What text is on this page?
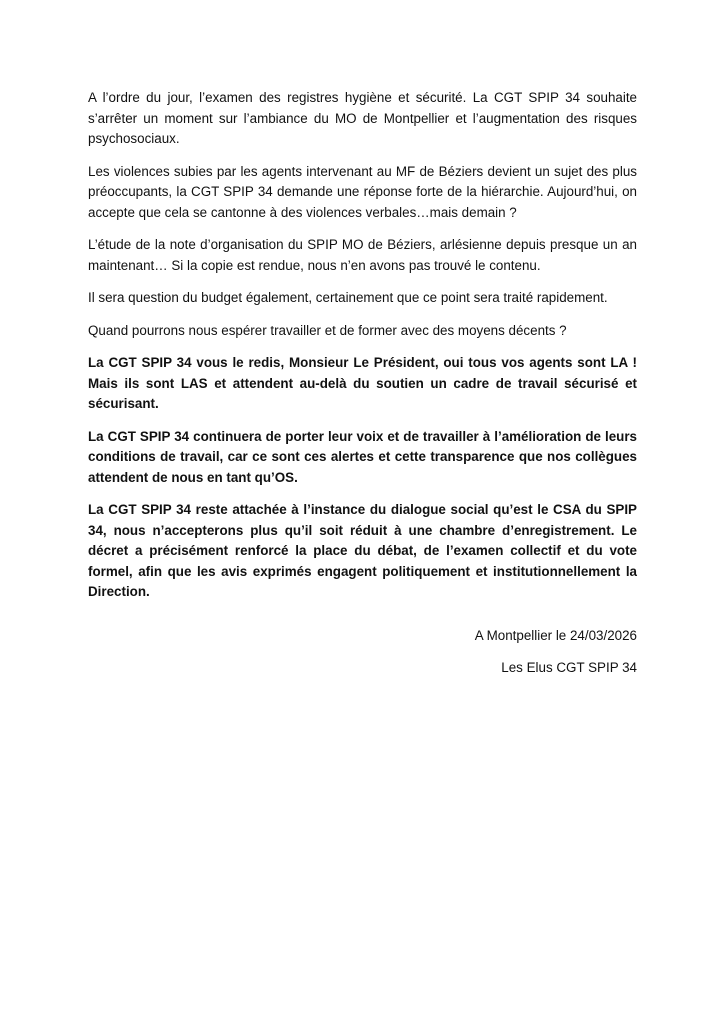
A l’ordre du jour, l’examen des registres hygiène et sécurité. La CGT SPIP 34 souhaite s’arrêter un moment sur l’ambiance du MO de Montpellier et l’augmentation des risques psychosociaux.

Les violences subies par les agents intervenant au MF de Béziers devient un sujet des plus préoccupants, la CGT SPIP 34 demande une réponse forte de la hiérarchie. Aujourd’hui, on accepte que cela se cantonne à des violences verbales…mais demain ?

L’étude de la note d’organisation du SPIP MO de Béziers, arlésienne depuis presque un an maintenant… Si la copie est rendue, nous n’en avons pas trouvé le contenu.

Il sera question du budget également, certainement que ce point sera traité rapidement.

Quand pourrons nous espérer travailler et de former avec des moyens décents ?

La CGT SPIP 34 vous le redis, Monsieur Le Président, oui tous vos agents sont LA ! Mais ils sont LAS et attendent au-delà du soutien un cadre de travail sécurisé et sécurisant.

La CGT SPIP 34 continuera de porter leur voix et de travailler à l’amélioration de leurs conditions de travail, car ce sont ces alertes et cette transparence que nos collègues attendent de nous en tant qu’OS.

La CGT SPIP 34 reste attachée à l’instance du dialogue social qu’est le CSA du SPIP 34, nous n’accepterons plus qu’il soit réduit à une chambre d’enregistrement. Le décret a précisément renforcé la place du débat, de l’examen collectif et du vote formel, afin que les avis exprimés engagent politiquement et institutionnellement la Direction.

A Montpellier le 24/03/2026
Les Elus CGT SPIP 34
